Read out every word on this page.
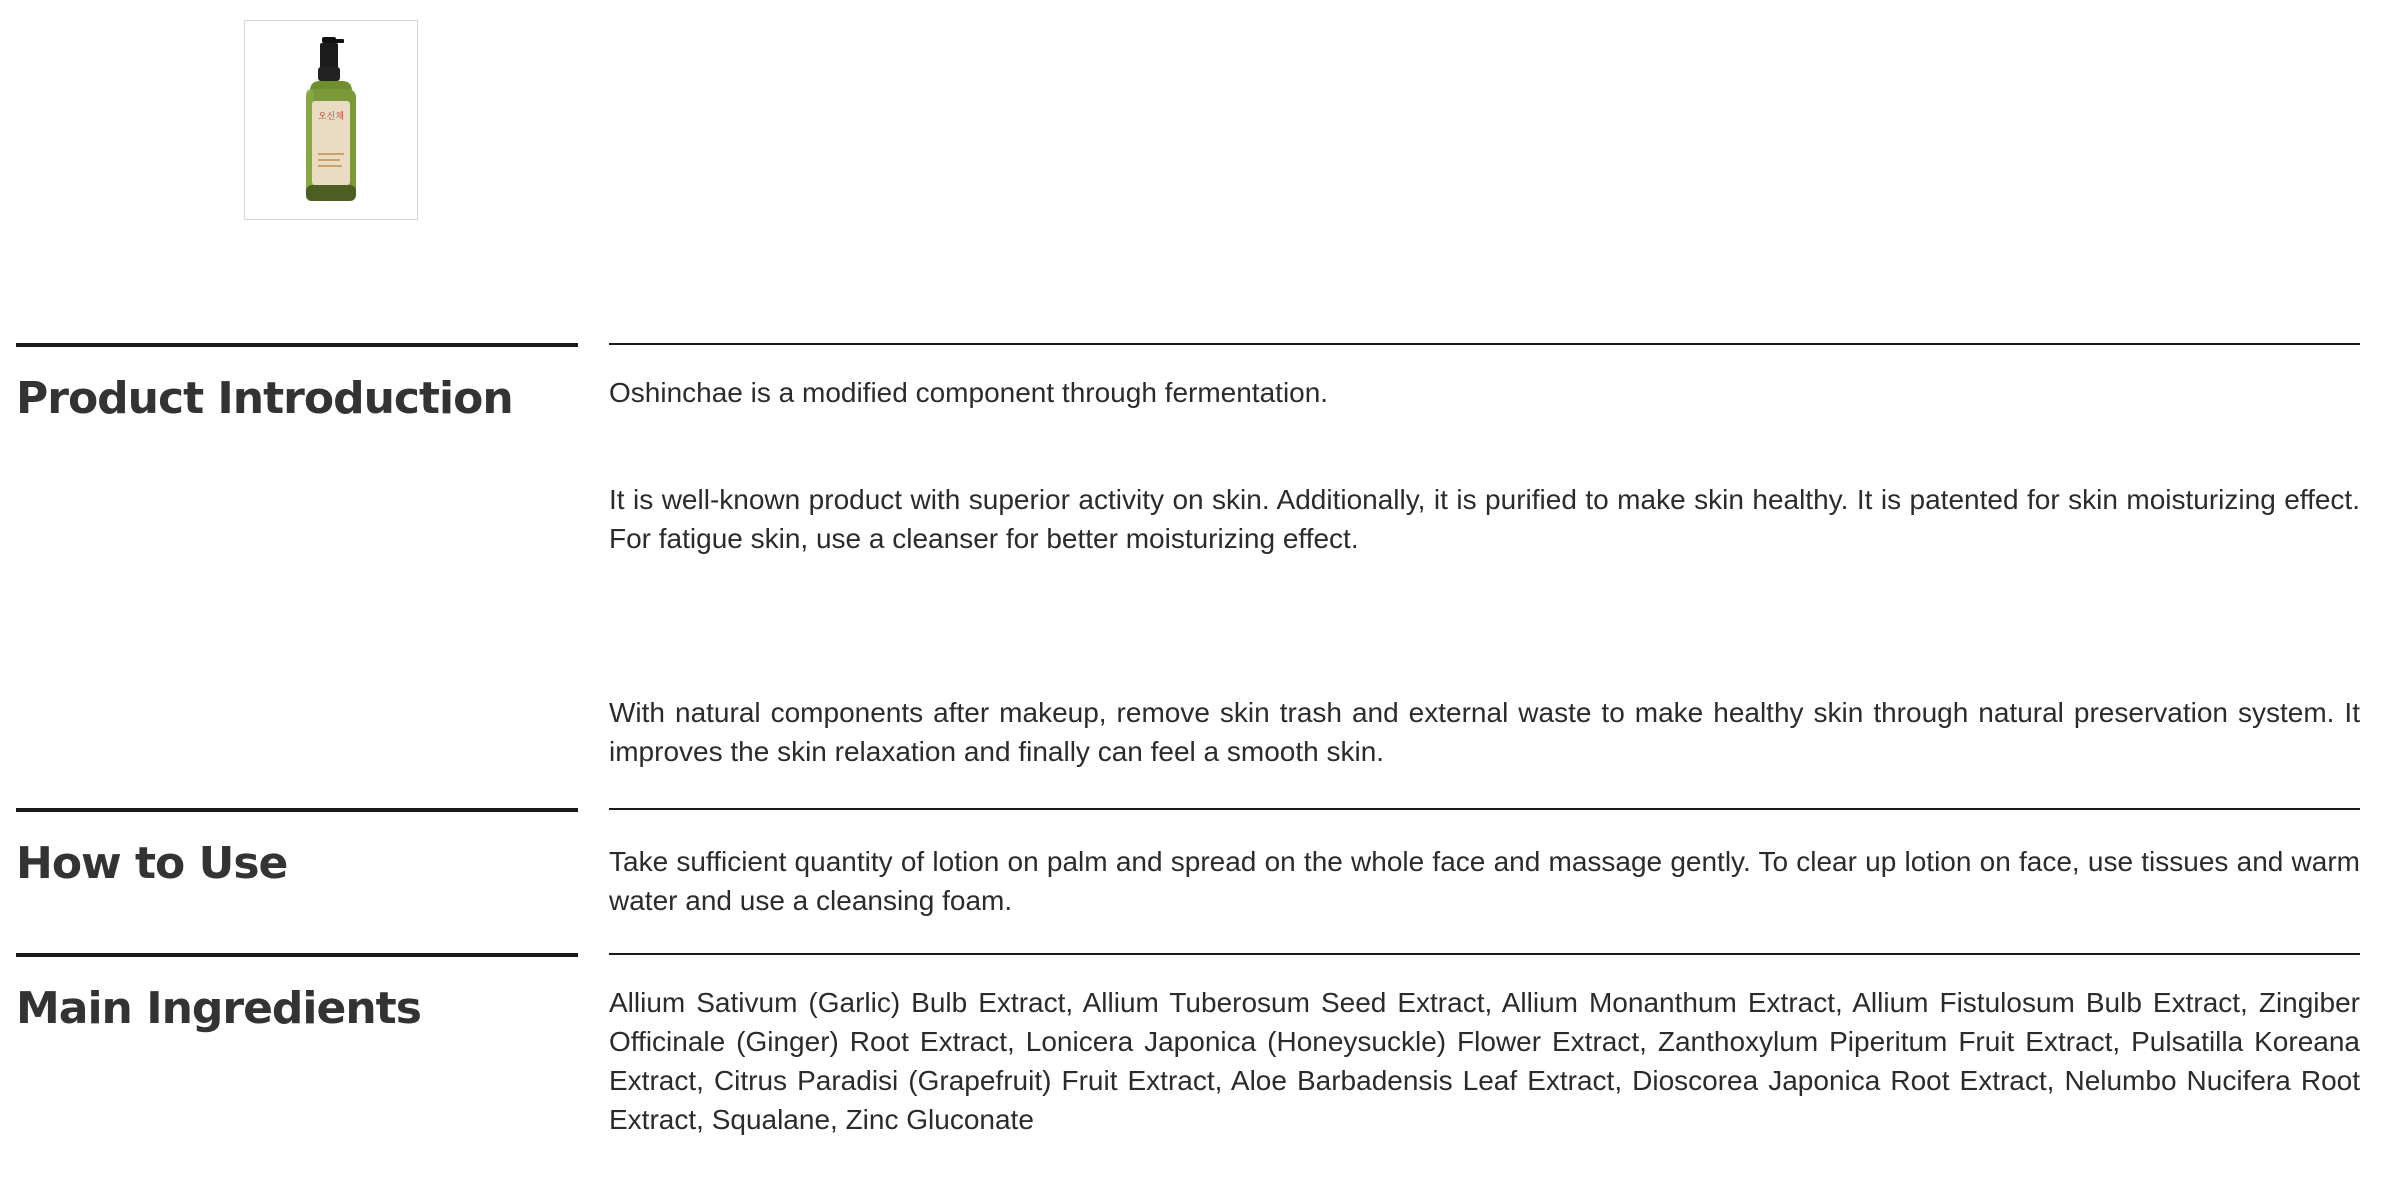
오신채
Product Introduction	Oshinchae is a modified component through fermentation.

It is well-known product with superior activity on skin. Additionally, it is purified to make skin healthy. It is patented for skin moisturizing effect. For fatigue skin, use a cleanser for better moisturizing effect.

With natural components after makeup, remove skin trash and external waste to make healthy skin through natural preservation system. It improves the skin relaxation and finally can feel a smooth skin.

How to Use	Take sufficient quantity of lotion on palm and spread on the whole face and massage gently. To clear up lotion on face, use tissues and warm water and use a cleansing foam.

Main Ingredients	Allium Sativum (Garlic) Bulb Extract, Allium Tuberosum Seed Extract, Allium Monanthum Extract, Allium Fistulosum Bulb Extract, Zingiber Officinale (Ginger) Root Extract, Lonicera Japonica (Honeysuckle) Flower Extract, Zanthoxylum Piperitum Fruit Extract, Pulsatilla Koreana Extract, Citrus Paradisi (Grapefruit) Fruit Extract, Aloe Barbadensis Leaf Extract, Dioscorea Japonica Root Extract, Nelumbo Nucifera Root Extract, Squalane, Zinc Gluconate
